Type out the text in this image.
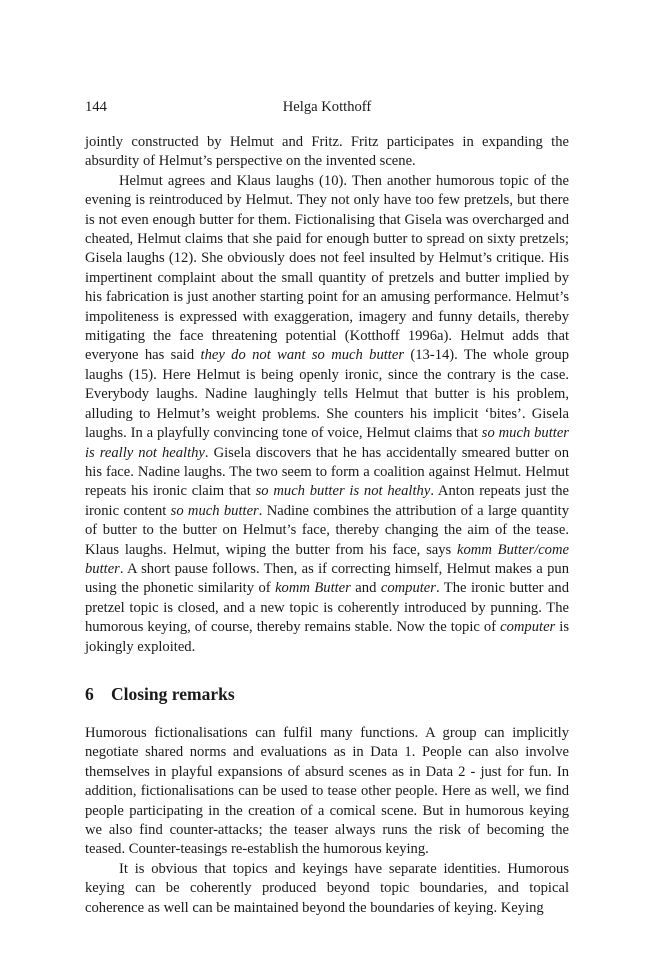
144	Helga Kotthoff

jointly constructed by Helmut and Fritz. Fritz participates in expanding the absurdity of Helmut’s perspective on the invented scene.

Helmut agrees and Klaus laughs (10). Then another humorous topic of the evening is reintroduced by Helmut. They not only have too few pretzels, but there is not even enough butter for them. Fictionalising that Gisela was overcharged and cheated, Helmut claims that she paid for enough butter to spread on sixty pretzels; Gisela laughs (12). She obviously does not feel insulted by Helmut’s critique. His impertinent complaint about the small quantity of pretzels and butter implied by his fabrication is just another starting point for an amusing performance. Helmut’s impoliteness is expressed with exaggeration, imagery and funny details, thereby mitigating the face threatening potential (Kotthoff 1996a). Helmut adds that everyone has said they do not want so much butter (13-14). The whole group laughs (15). Here Helmut is being openly ironic, since the contrary is the case. Everybody laughs. Nadine laughingly tells Helmut that butter is his problem, alluding to Helmut’s weight problems. She counters his implicit ‘bites’. Gisela laughs. In a playfully convincing tone of voice, Helmut claims that so much butter is really not healthy. Gisela discovers that he has accidentally smeared butter on his face. Nadine laughs. The two seem to form a coalition against Helmut. Helmut repeats his ironic claim that so much butter is not healthy. Anton repeats just the ironic content so much butter. Nadine combines the attribution of a large quantity of butter to the butter on Helmut’s face, thereby changing the aim of the tease. Klaus laughs. Helmut, wiping the butter from his face, says komm Butter/come butter. A short pause follows. Then, as if correcting himself, Helmut makes a pun using the phonetic similarity of komm Butter and computer. The ironic butter and pretzel topic is closed, and a new topic is coherently introduced by punning. The humorous keying, of course, thereby remains stable. Now the topic of computer is jokingly exploited.

6 Closing remarks

Humorous fictionalisations can fulfil many functions. A group can implicitly negotiate shared norms and evaluations as in Data 1. People can also involve themselves in playful expansions of absurd scenes as in Data 2 - just for fun. In addition, fictionalisations can be used to tease other people. Here as well, we find people participating in the creation of a comical scene. But in humorous keying we also find counter-attacks; the teaser always runs the risk of becoming the teased. Counter-teasings re-establish the humorous keying.

It is obvious that topics and keyings have separate identities. Humorous keying can be coherently produced beyond topic boundaries, and topical coherence as well can be maintained beyond the boundaries of keying. Keying
